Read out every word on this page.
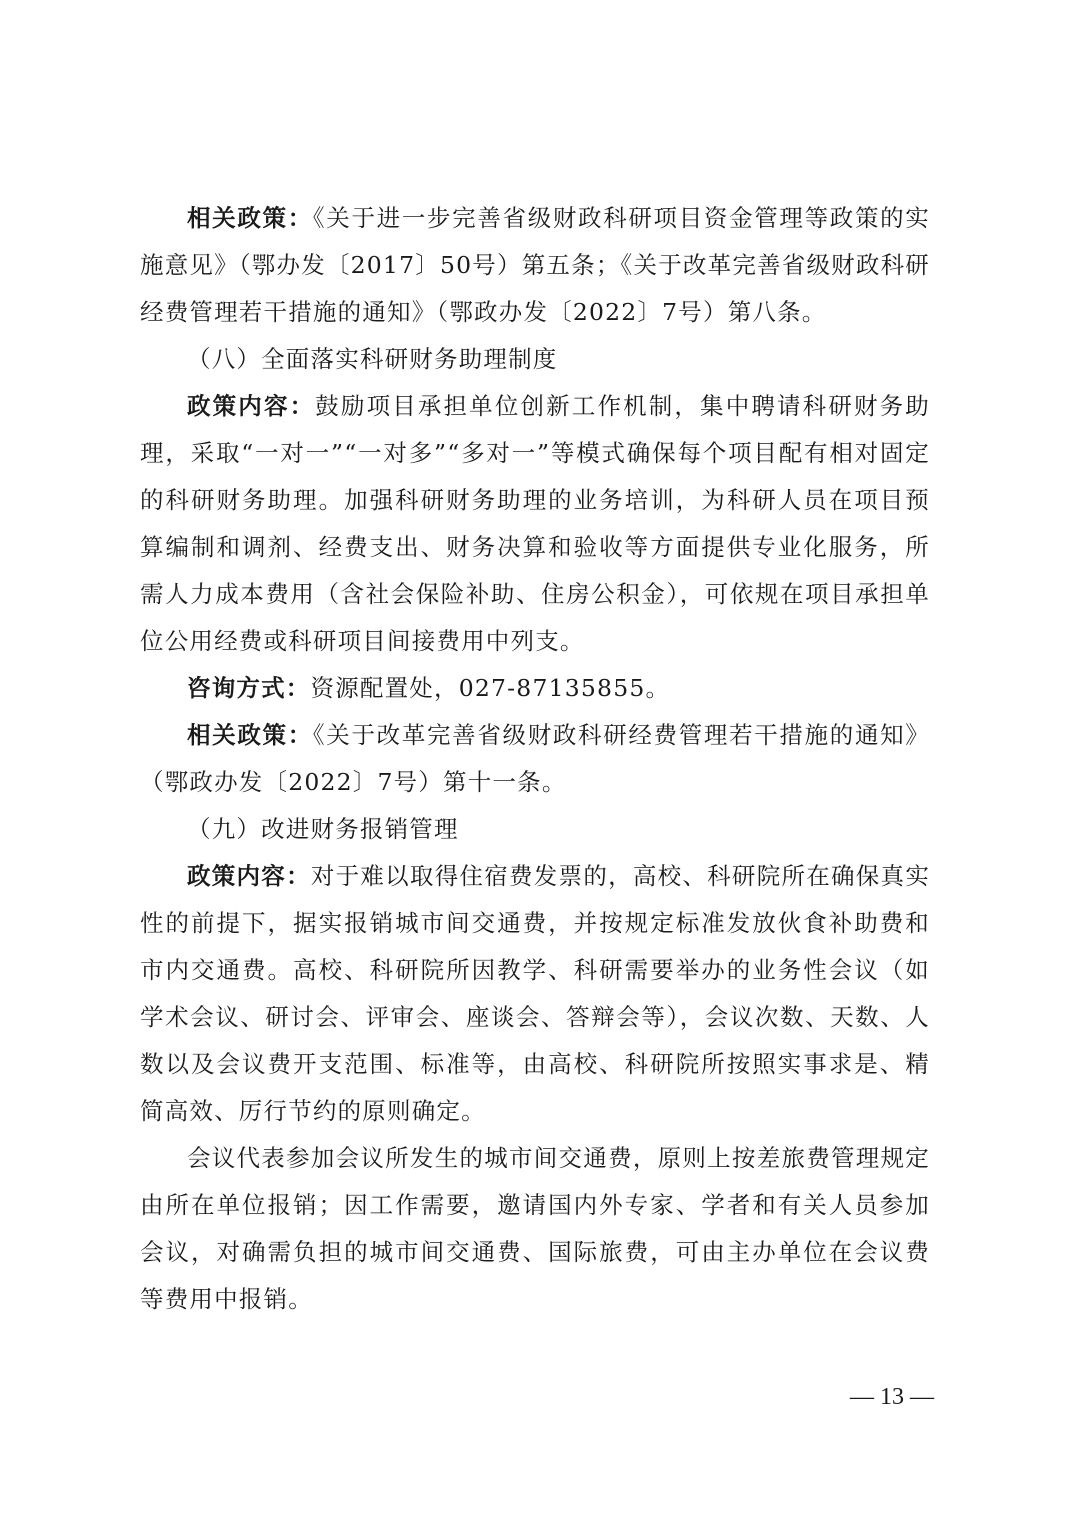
相关政策：《关于进一步完善省级财政科研项目资金管理等政策的实施意见》（鄂办发〔2017〕50号）第五条；《关于改革完善省级财政科研经费管理若干措施的通知》（鄂政办发〔2022〕7号）第八条。

（八）全面落实科研财务助理制度

政策内容：鼓励项目承担单位创新工作机制，集中聘请科研财务助理，采取“一对一”“一对多”“多对一”等模式确保每个项目配有相对固定的科研财务助理。加强科研财务助理的业务培训，为科研人员在项目预算编制和调剂、经费支出、财务决算和验收等方面提供专业化服务，所需人力成本费用（含社会保险补助、住房公积金），可依规在项目承担单位公用经费或科研项目间接费用中列支。

咨询方式：资源配置处，027-87135855。

相关政策：《关于改革完善省级财政科研经费管理若干措施的通知》（鄂政办发〔2022〕7号）第十一条。

（九）改进财务报销管理

政策内容：对于难以取得住宿费发票的，高校、科研院所在确保真实性的前提下，据实报销城市间交通费，并按规定标准发放伙食补助费和市内交通费。高校、科研院所因教学、科研需要举办的业务性会议（如学术会议、研讨会、评审会、座谈会、答辩会等），会议次数、天数、人数以及会议费开支范围、标准等，由高校、科研院所按照实事求是、精简高效、厉行节约的原则确定。

会议代表参加会议所发生的城市间交通费，原则上按差旅费管理规定由所在单位报销；因工作需要，邀请国内外专家、学者和有关人员参加会议，对确需负担的城市间交通费、国际旅费，可由主办单位在会议费等费用中报销。

— 13 —
